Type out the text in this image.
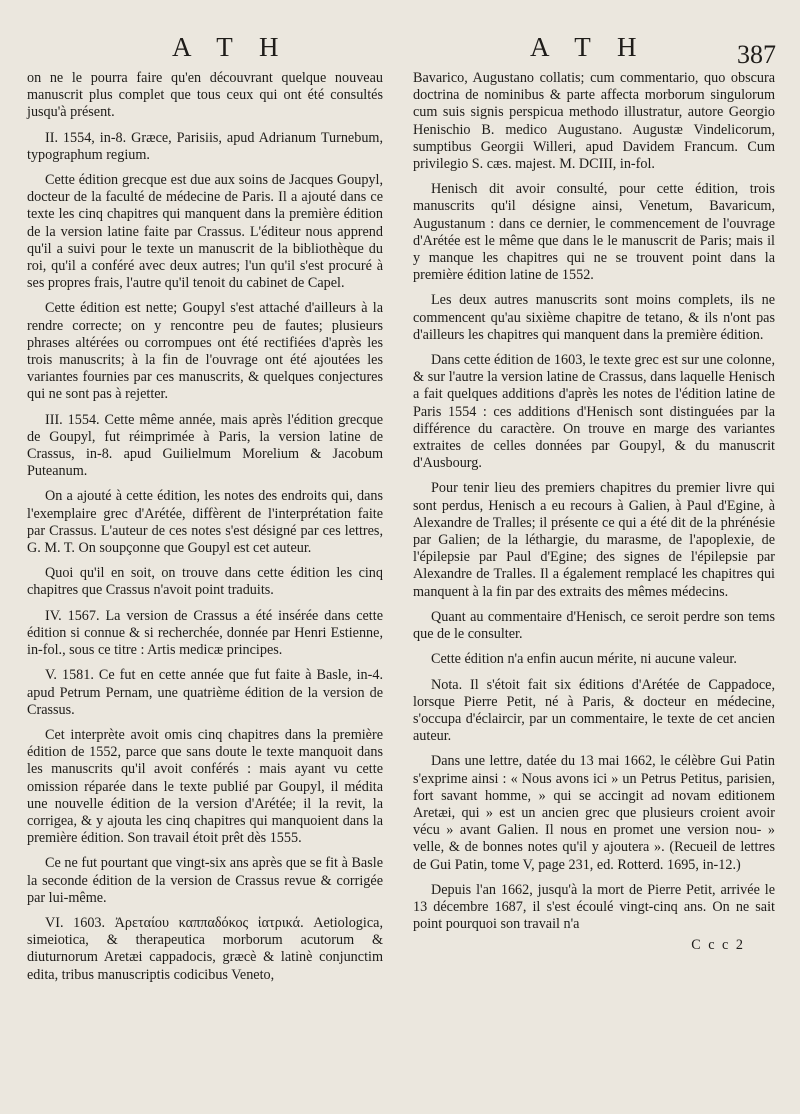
A T H	A T H	387

on ne le pourra faire qu'en découvrant quelque nouveau manuscrit plus complet que tous ceux qui ont été consultés jusqu'à présent.

II. 1554, in-8. Græce, Parisiis, apud Adrianum Turnebum, typographum regium.

Cette édition grecque est due aux soins de Jacques Goupyl, docteur de la faculté de médecine de Paris. Il a ajouté dans ce texte les cinq chapitres qui manquent dans la première édition de la version latine faite par Crassus. L'éditeur nous apprend qu'il a suivi pour le texte un manuscrit de la bibliothèque du roi, qu'il a conféré avec deux autres; l'un qu'il s'est procuré à ses propres frais, l'autre qu'il tenoit du cabinet de Capel.

Cette édition est nette; Goupyl s'est attaché d'ailleurs à la rendre correcte; on y rencontre peu de fautes; plusieurs phrases altérées ou corrompues ont été rectifiées d'après les trois manuscrits; à la fin de l'ouvrage ont été ajoutées les variantes fournies par ces manuscrits, & quelques conjectures qui ne sont pas à rejetter.

III. 1554. Cette même année, mais après l'édition grecque de Goupyl, fut réimprimée à Paris, la version latine de Crassus, in-8. apud Guilielmum Morelium & Jacobum Puteanum.

On a ajouté à cette édition, les notes des endroits qui, dans l'exemplaire grec d'Arétée, diffèrent de l'interprétation faite par Crassus. L'auteur de ces notes s'est désigné par ces lettres, G. M. T. On soupçonne que Goupyl est cet auteur.

Quoi qu'il en soit, on trouve dans cette édition les cinq chapitres que Crassus n'avoit point traduits.

IV. 1567. La version de Crassus a été insérée dans cette édition si connue & si recherchée, donnée par Henri Estienne, in-fol., sous ce titre : Artis medicæ principes.

V. 1581. Ce fut en cette année que fut faite à Basle, in-4. apud Petrum Pernam, une quatrième édition de la version de Crassus.

Cet interprète avoit omis cinq chapitres dans la première édition de 1552, parce que sans doute le texte manquoit dans les manuscrits qu'il avoit conférés : mais ayant vu cette omission réparée dans le texte publié par Goupyl, il médita une nouvelle édition de la version d'Arétée; il la revit, la corrigea, & y ajouta les cinq chapitres qui manquoient dans la première édition. Son travail étoit prêt dès 1555.

Ce ne fut pourtant que vingt-six ans après que se fit à Basle la seconde édition de la version de Crassus revue & corrigée par lui-même.

VI. 1603. Ἀρεταίου καππαδόκος ἰατρικά. Aetiologica, simeiotica, & therapeutica morborum acutorum & diuturnorum Aretæi cappadocis, græcè & latinè conjunctim edita, tribus manuscriptis codicibus Veneto,

Bavarico, Augustano collatis; cum commentario, quo obscura doctrina de nominibus & parte affecta morborum singulorum cum suis signis perspicua methodo illustratur, autore Georgio Henischio B. medico Augustano. Augustæ Vindelicorum, sumptibus Georgii Willeri, apud Davidem Francum. Cum privilegio S. cæs. majest. M. DCIII, in-fol.

Henisch dit avoir consulté, pour cette édition, trois manuscrits qu'il désigne ainsi, Venetum, Bavaricum, Augustanum : dans ce dernier, le commencement de l'ouvrage d'Arétée est le même que dans le le manuscrit de Paris; mais il y manque les chapitres qui ne se trouvent point dans la première édition latine de 1552.

Les deux autres manuscrits sont moins complets, ils ne commencent qu'au sixième chapitre de tetano, & ils n'ont pas d'ailleurs les chapitres qui manquent dans la première édition.

Dans cette édition de 1603, le texte grec est sur une colonne, & sur l'autre la version latine de Crassus, dans laquelle Henisch a fait quelques additions d'après les notes de l'édition latine de Paris 1554 : ces additions d'Henisch sont distinguées par la différence du caractère. On trouve en marge des variantes extraites de celles données par Goupyl, & du manuscrit d'Ausbourg.

Pour tenir lieu des premiers chapitres du premier livre qui sont perdus, Henisch a eu recours à Galien, à Paul d'Egine, à Alexandre de Tralles; il présente ce qui a été dit de la phrénésie par Galien; de la léthargie, du marasme, de l'apoplexie, de l'épilepsie par Paul d'Egine; des signes de l'épilepsie par Alexandre de Tralles. Il a également remplacé les chapitres qui manquent à la fin par des extraits des mêmes médecins.

Quant au commentaire d'Henisch, ce seroit perdre son tems que de le consulter.

Cette édition n'a enfin aucun mérite, ni aucune valeur.

Nota. Il s'étoit fait six éditions d'Arétée de Cappadoce, lorsque Pierre Petit, né à Paris, & docteur en médecine, s'occupa d'éclaircir, par un commentaire, le texte de cet ancien auteur.

Dans une lettre, datée du 13 mai 1662, le célèbre Gui Patin s'exprime ainsi : « Nous avons ici » un Petrus Petitus, parisien, fort savant homme, » qui se accingit ad novam editionem Aretæi, qui » est un ancien grec que plusieurs croient avoir vécu » avant Galien. Il nous en promet une version nou- » velle, & de bonnes notes qu'il y ajoutera ». (Recueil de lettres de Gui Patin, tome V, page 231, ed. Rotterd. 1695, in-12.)

Depuis l'an 1662, jusqu'à la mort de Pierre Petit, arrivée le 13 décembre 1687, il s'est écoulé vingt-cinq ans. On ne sait point pourquoi son travail n'a

C c c 2
